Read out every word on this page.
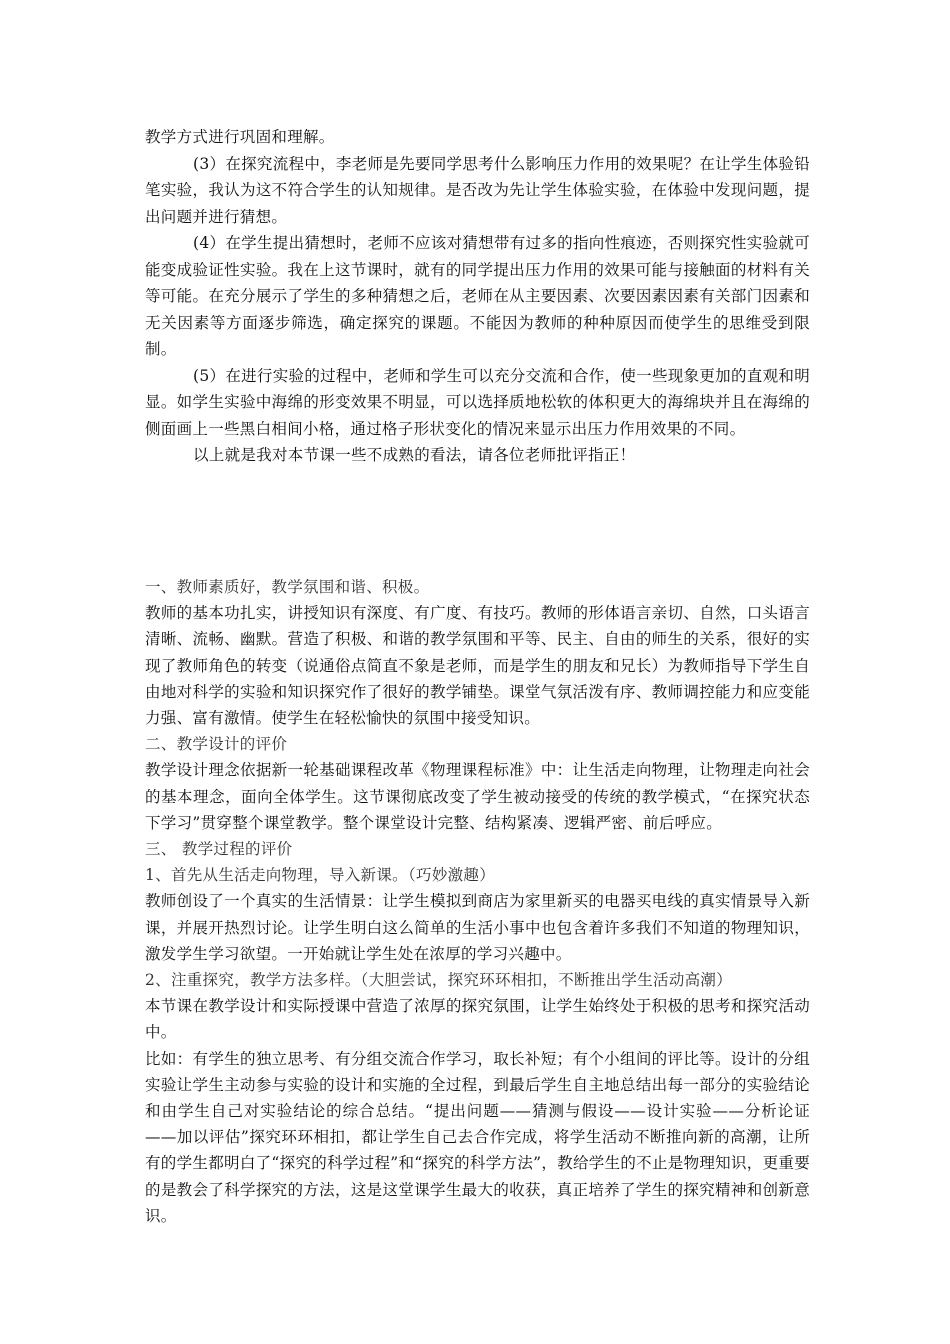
教学方式进行巩固和理解。

(3）在探究流程中，李老师是先要同学思考什么影响压力作用的效果呢？在让学生体验铅笔实验，我认为这不符合学生的认知规律。是否改为先让学生体验实验，在体验中发现问题，提出问题并进行猜想。

(4）在学生提出猜想时，老师不应该对猜想带有过多的指向性痕迹，否则探究性实验就可能变成验证性实验。我在上这节课时，就有的同学提出压力作用的效果可能与接触面的材料有关等可能。在充分展示了学生的多种猜想之后，老师在从主要因素、次要因素因素有关部门因素和无关因素等方面逐步筛选，确定探究的课题。不能因为教师的种种原因而使学生的思维受到限制。

(5）在进行实验的过程中，老师和学生可以充分交流和合作，使一些现象更加的直观和明显。如学生实验中海绵的形变效果不明显，可以选择质地松软的体积更大的海绵块并且在海绵的侧面画上一些黑白相间小格，通过格子形状变化的情况来显示出压力作用效果的不同。

以上就是我对本节课一些不成熟的看法，请各位老师批评指正！

一、教师素质好，教学氛围和谐、积极。

教师的基本功扎实，讲授知识有深度、有广度、有技巧。教师的形体语言亲切、自然，口头语言清晰、流畅、幽默。营造了积极、和谐的教学氛围和平等、民主、自由的师生的关系，很好的实现了教师角色的转变（说通俗点简直不象是老师，而是学生的朋友和兄长）为教师指导下学生自由地对科学的实验和知识探究作了很好的教学铺垫。课堂气氛活泼有序、教师调控能力和应变能力强、富有激情。使学生在轻松愉快的氛围中接受知识。

二、教学设计的评价

教学设计理念依据新一轮基础课程改革《物理课程标准》中：让生活走向物理，让物理走向社会的基本理念，面向全体学生。这节课彻底改变了学生被动接受的传统的教学模式，“在探究状态下学习”贯穿整个课堂教学。整个课堂设计完整、结构紧凑、逻辑严密、前后呼应。

三、 教学过程的评价

1、首先从生活走向物理，导入新课。（巧妙激趣）

教师创设了一个真实的生活情景：让学生模拟到商店为家里新买的电器买电线的真实情景导入新课，并展开热烈讨论。让学生明白这么简单的生活小事中也包含着许多我们不知道的物理知识，激发学生学习欲望。一开始就让学生处在浓厚的学习兴趣中。

2、注重探究，教学方法多样。（大胆尝试，探究环环相扣，不断推出学生活动高潮）

本节课在教学设计和实际授课中营造了浓厚的探究氛围，让学生始终处于积极的思考和探究活动中。

比如：有学生的独立思考、有分组交流合作学习，取长补短；有个小组间的评比等。设计的分组实验让学生主动参与实验的设计和实施的全过程，到最后学生自主地总结出每一部分的实验结论和由学生自己对实验结论的综合总结。“提出问题——猜测与假设——设计实验——分析论证——加以评估”探究环环相扣，都让学生自己去合作完成，将学生活动不断推向新的高潮，让所有的学生都明白了“探究的科学过程”和“探究的科学方法”，教给学生的不止是物理知识，更重要的是教会了科学探究的方法，这是这堂课学生最大的收获，真正培养了学生的探究精神和创新意识。
